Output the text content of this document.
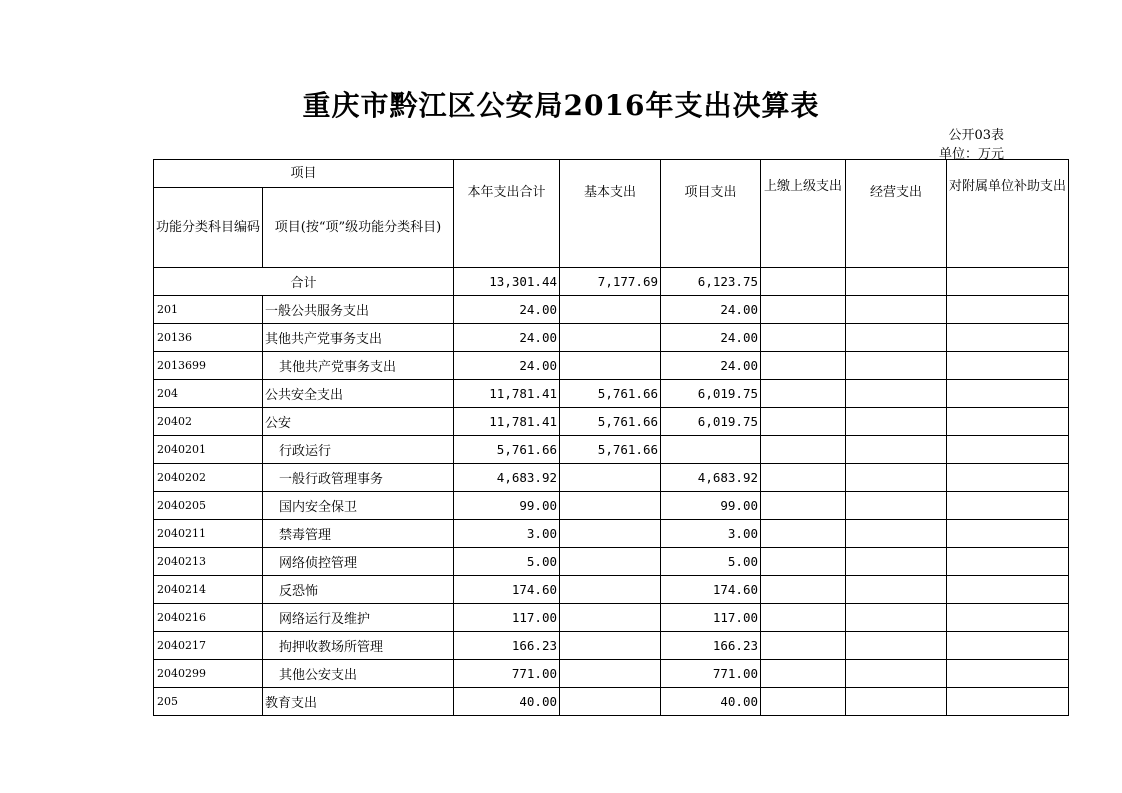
重庆市黔江区公安局2016年支出决算表
公开03表
单位：万元
项目		本年支出合计	基本支出	项目支出	上缴上级支出	经营支出	对附属单位补助支出
功能分类科目编码	项目(按“项”级功能分类科目)						
合计		13,301.44	7,177.69	6,123.75			
201	一般公共服务支出	24.00		24.00			
20136	其他共产党事务支出	24.00		24.00			
2013699	其他共产党事务支出	24.00		24.00			
204	公共安全支出	11,781.41	5,761.66	6,019.75			
20402	公安	11,781.41	5,761.66	6,019.75			
2040201	行政运行	5,761.66	5,761.66				
2040202	一般行政管理事务	4,683.92		4,683.92			
2040205	国内安全保卫	99.00		99.00			
2040211	禁毒管理	3.00		3.00			
2040213	网络侦控管理	5.00		5.00			
2040214	反恐怖	174.60		174.60			
2040216	网络运行及维护	117.00		117.00			
2040217	拘押收教场所管理	166.23		166.23			
2040299	其他公安支出	771.00		771.00			
205	教育支出	40.00		40.00			
